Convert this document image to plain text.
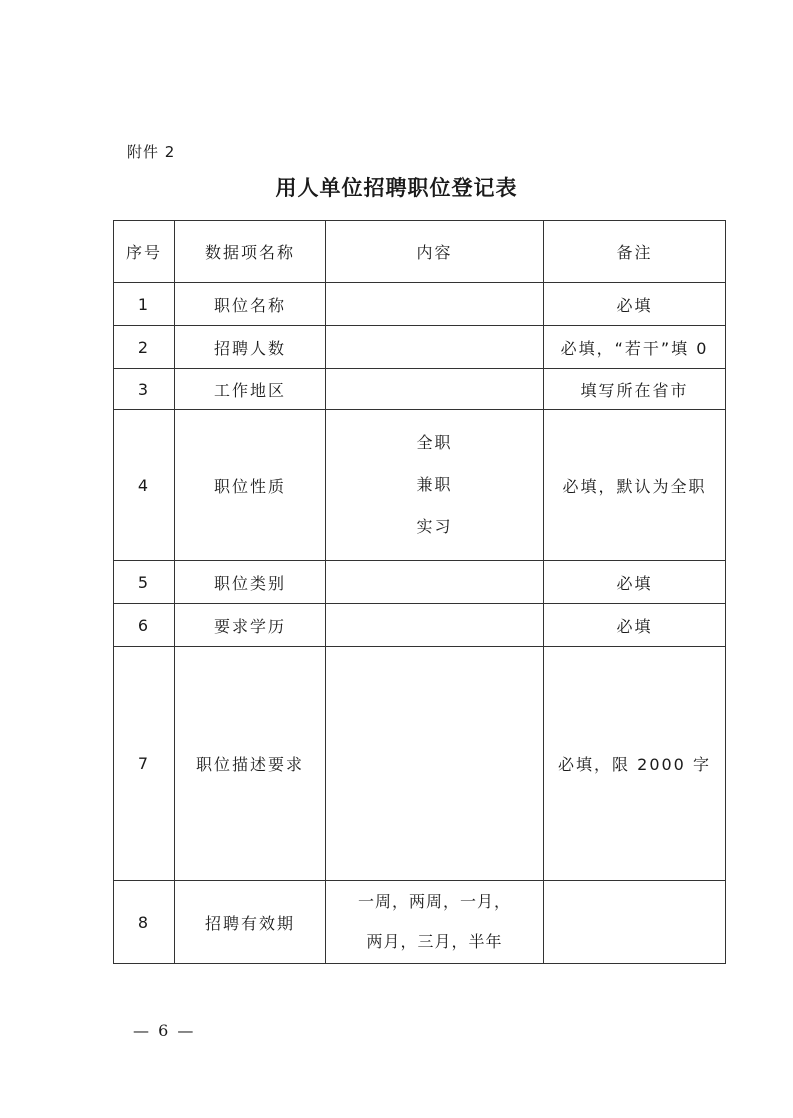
附件 2
用人单位招聘职位登记表
序号	数据项名称	内容	备注
1	职位名称		必填
2	招聘人数		必填，“若干”填 0
3	工作地区		填写所在省市
4	职位性质	全职
兼职
实习	必填，默认为全职
5	职位类别		必填
6	要求学历		必填
7	职位描述要求		必填，限 2000 字
8	招聘有效期	一周，两周，一月，
两月，三月，半年	

— 6 —
